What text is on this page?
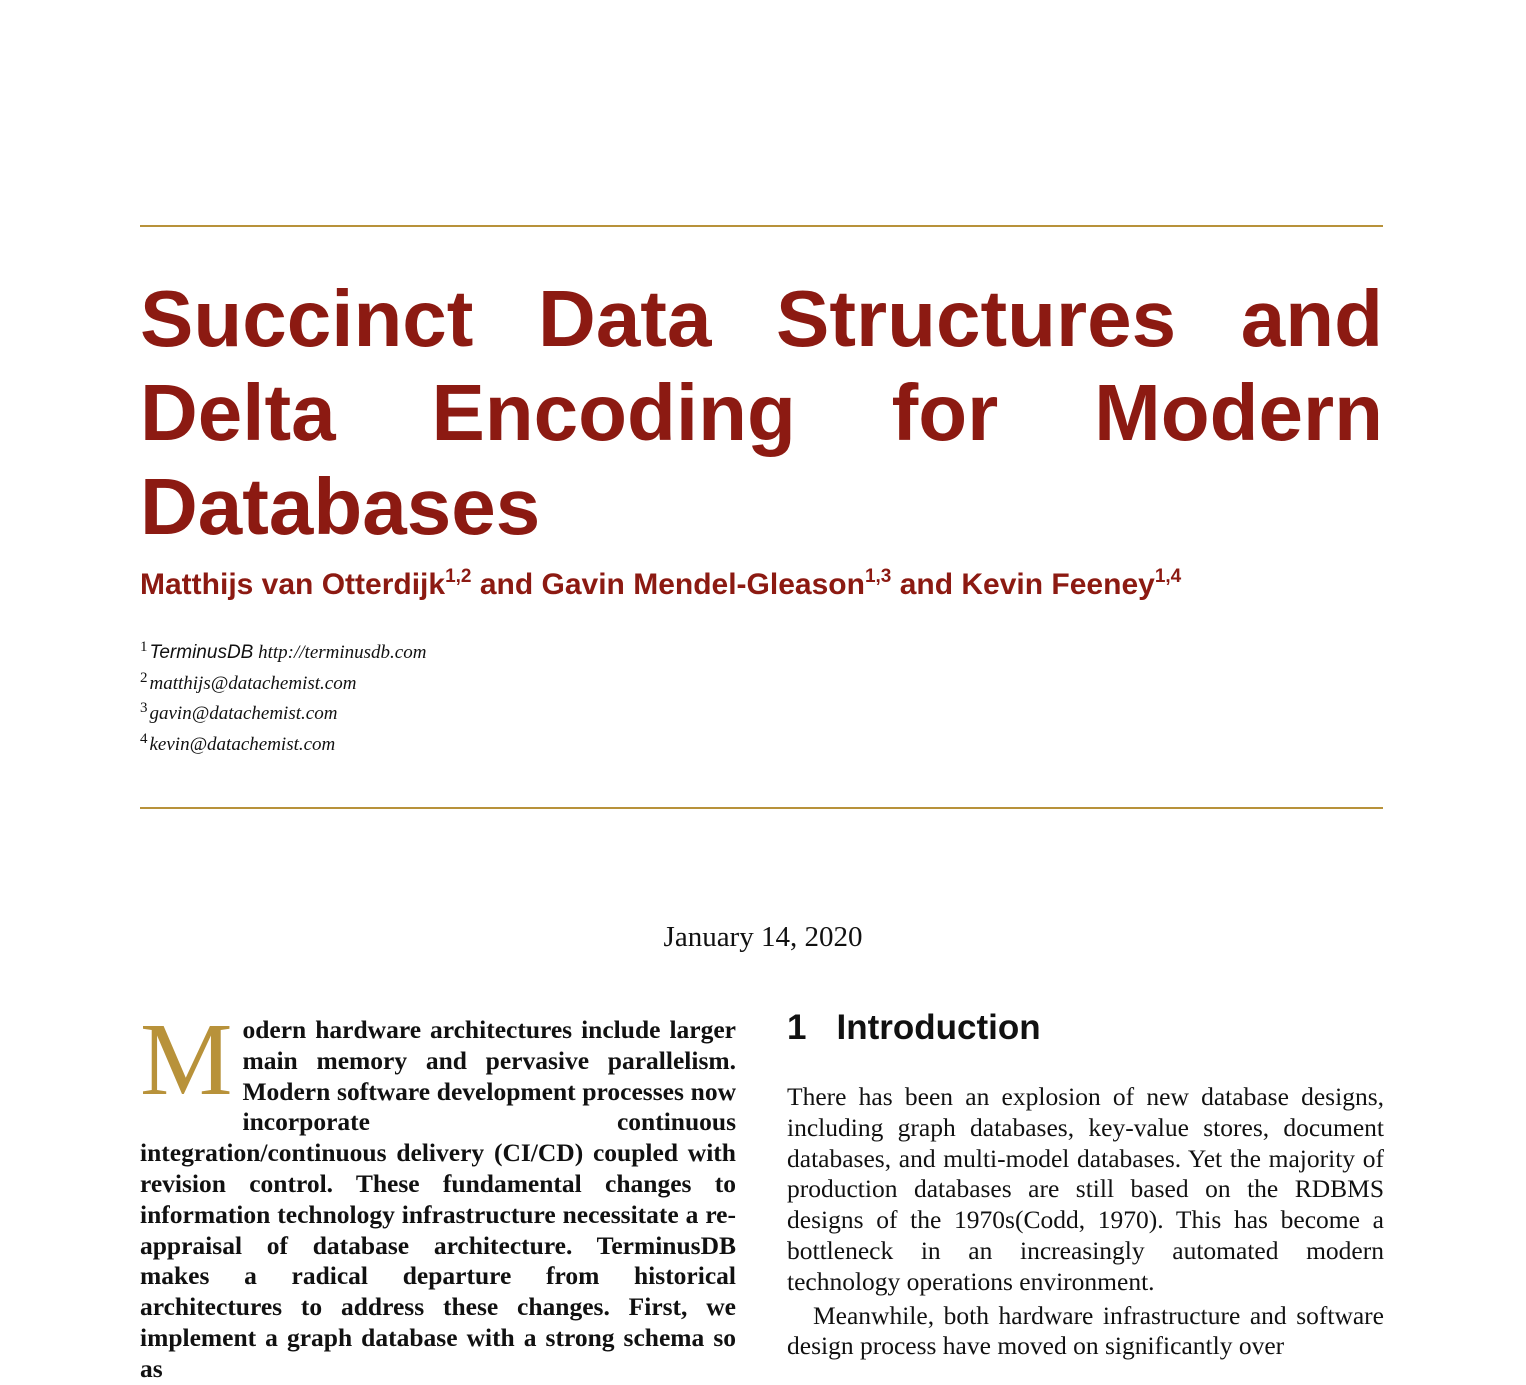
Succinct Data Structures and
Delta Encoding for Modern
Databases
Matthijs van Otterdijk$^{1,2}$ and Gavin Mendel-Gleason$^{1,3}$ and Kevin Feeney$^{1,4}$
$^1$ TerminusDB http://terminusdb.com
$^2$ matthijs@datachemist.com
$^3$ gavin@datachemist.com
$^4$ kevin@datachemist.com
January 14, 2020
Modern hardware architectures include larger main memory and pervasive parallelism. Modern software development processes now incorporate continuous integration/continuous delivery (CI/CD) coupled with revision control. These fundamental changes to information technology infrastructure necessitate a re-appraisal of database architecture. TerminusDB makes a radical departure from historical architectures to address these changes. First, we implement a graph database with a strong schema so as
1 Introduction

There has been an explosion of new database designs, including graph databases, key-value stores, document databases, and multi-model databases. Yet the majority of production databases are still based on the RDBMS designs of the 1970s(Codd, 1970). This has become a bottleneck in an increasingly automated modern technology operations environment.

Meanwhile, both hardware infrastructure and software design process have moved on significantly over
